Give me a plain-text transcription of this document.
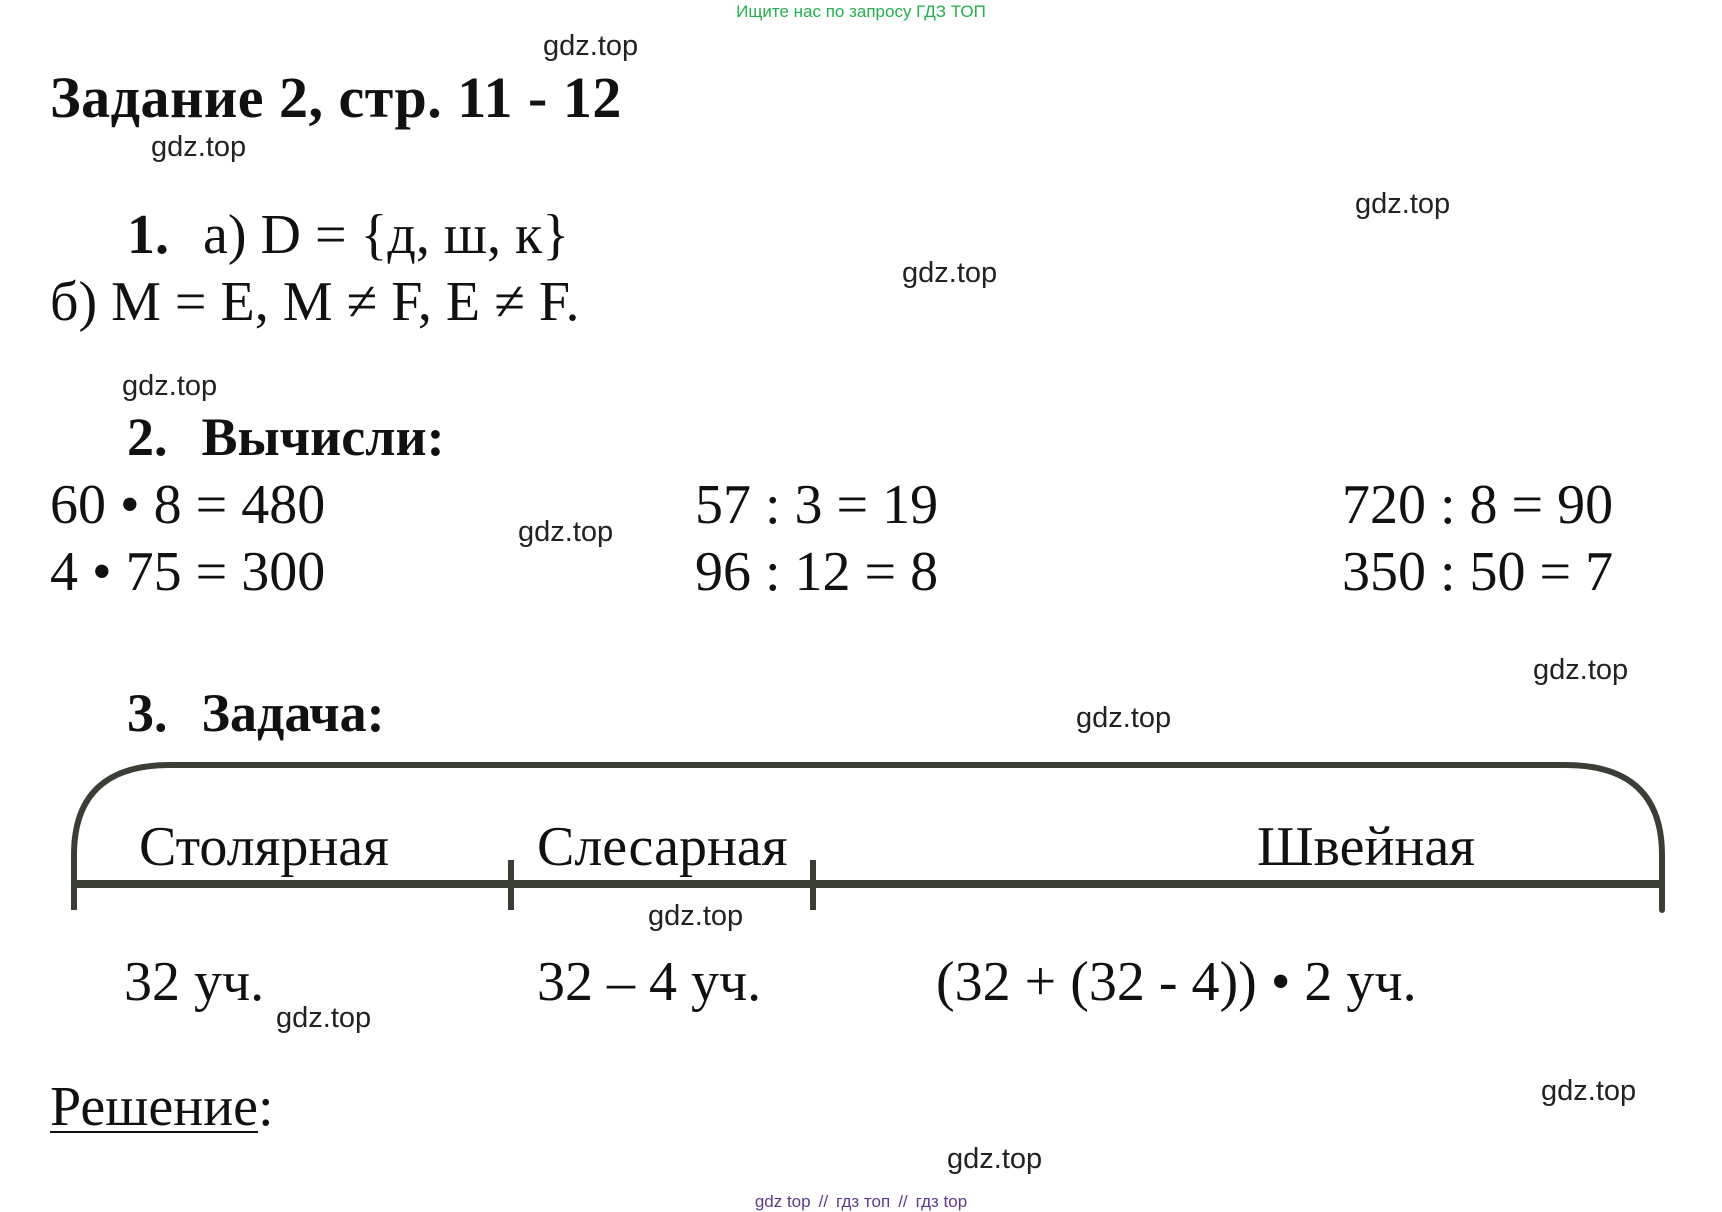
Ищите нас по запросу ГДЗ ТОП
Задание 2, стр. 11 - 12
1. а) D = {д, ш, к}
б) M = E, M ≠ F, E ≠ F.
2. Вычисли:
60 • 8 = 480	57 : 3 = 19	720 : 8 = 90
4 • 75 = 300	96 : 12 = 8	350 : 50 = 7
3. Задача:
Столярная	Слесарная	Швейная
32 уч.	32 – 4 уч.	(32 + (32 - 4)) • 2 уч.
Решение:
gdz.top
gdz.top
gdz.top
gdz.top
gdz.top
gdz.top
gdz.top
gdz.top
gdz.top
gdz.top
gdz.top
gdz.top
gdz top // гдз топ // гдз top
